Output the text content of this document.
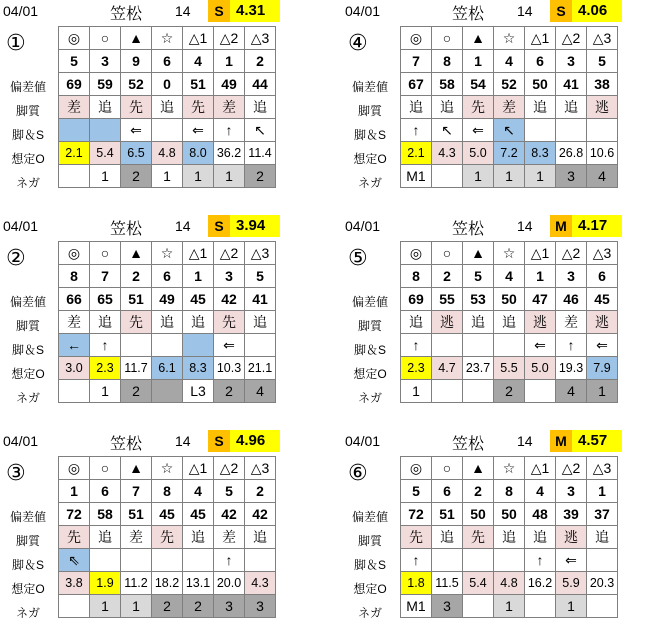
04/01	笠松 14	S 4.31
①
偏差値
脚質
脚＆S
想定O
ネガ
◎	○	▲	☆	△1	△2	△3
5	3	9	6	4	1	2
69	59	52	0	51	49	44
差	追	先	追	先	差	追
		⇐		⇐	↑	↖
2.1	5.4	6.5	4.8	8.0	36.2	11.4
	1	2	1	1	1	2
04/01	笠松 14	S 4.06
④
偏差値
脚質
脚＆S
想定O
ネガ
◎	○	▲	☆	△1	△2	△3
7	8	1	4	6	3	5
67	58	54	52	50	41	38
追	追	先	差	追	追	逃
↑	↖	⇐	↖			
2.1	4.3	5.0	7.2	8.3	26.8	10.6
M1		1	1	1	3	4
04/01	笠松 14	S 3.94
②
偏差値
脚質
脚＆S
想定O
ネガ
◎	○	▲	☆	△1	△2	△3
8	7	2	6	1	3	5
66	65	51	49	45	42	41
差	追	先	追	追	先	追
←	↑				⇐	
3.0	2.3	11.7	6.1	8.3	10.3	21.1
	1	2		L3	2	4
04/01	笠松 14	M 4.17
⑤
偏差値
脚質
脚＆S
想定O
ネガ
◎	○	▲	☆	△1	△2	△3
8	2	5	4	1	3	6
69	55	53	50	47	46	45
追	逃	追	追	逃	差	逃
↑				⇐	↑	⇐
2.3	4.7	23.7	5.5	5.0	19.3	7.9
1			2		4	1
04/01	笠松 14	S 4.96
③
偏差値
脚質
脚＆S
想定O
ネガ
◎	○	▲	☆	△1	△2	△3
1	6	7	8	4	5	2
72	58	51	45	45	42	42
先	追	差	先	追	差	追
⇖					↑	
3.8	1.9	11.2	18.2	13.1	20.0	4.3
	1	1	2	2	3	3
04/01	笠松 14	M 4.57
⑥
偏差値
脚質
脚＆S
想定O
ネガ
◎	○	▲	☆	△1	△2	△3
5	6	2	8	4	3	1
72	51	50	50	48	39	37
先	追	先	追	追	逃	追
↑				↑	⇐	
1.8	11.5	5.4	4.8	16.2	5.9	20.3
M1	3		1		1	
